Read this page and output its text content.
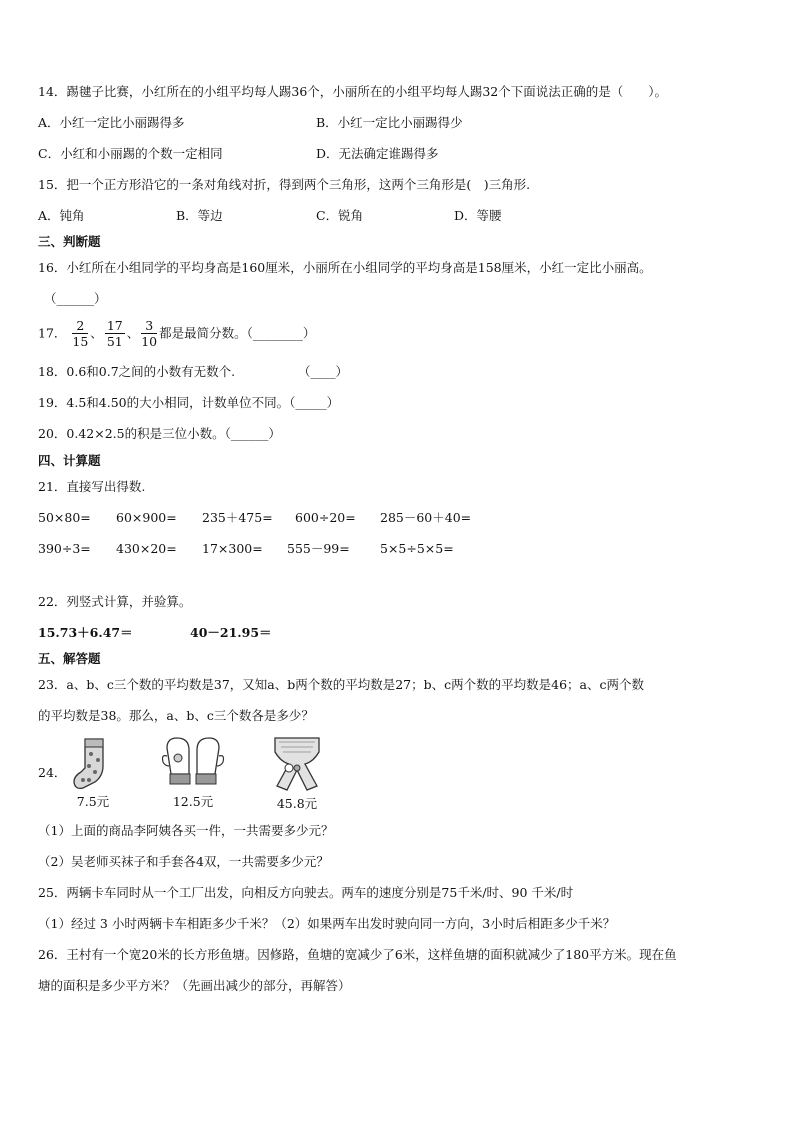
14．踢毽子比赛，小红所在的小组平均每人踢36个，小丽所在的小组平均每人踢32个下面说法正确的是（　　）。
A．小红一定比小丽踢得多	B．小红一定比小丽踢得少
C．小红和小丽踢的个数一定相同	D．无法确定谁踢得多
15．把一个正方形沿它的一条对角线对折，得到两个三角形，这两个三角形是(　)三角形.
A．钝角	B．等边	C．锐角	D．等腰
三、判断题
16．小红所在小组同学的平均身高是160厘米，小丽所在小组同学的平均身高是158厘米，小红一定比小丽高。
（______）
17． $\frac{2}{15}$ 、 $\frac{17}{51}$ 、 $\frac{3}{10}$ 都是最简分数。（________）
18．0.6和0.7之间的小数有无数个.	（____）
19．4.5和4.50的大小相同，计数单位不同。（_____）
20．0.42×2.5的积是三位小数。（______）
四、计算题
21．直接写出得数.
50×80= 60×900= 235＋475= 600÷20= 285－60＋40=
390÷3= 430×20= 17×300= 555－99= 5×5÷5×5=
22．列竖式计算，并验算。
15.73＋6.47＝	40－21.95＝
五、解答题
23．a、b、c三个数的平均数是37，又知a、b两个数的平均数是27；b、c两个数的平均数是46；a、c两个数
的平均数是38。那么，a、b、c三个数各是多少？
24．
7.5元	12.5元	45.8元
（1）上面的商品李阿姨各买一件，一共需要多少元？
（2）吴老师买袜子和手套各4双，一共需要多少元？
25．两辆卡车同时从一个工厂出发，向相反方向驶去。两车的速度分别是75千米/时、90 千米/时
（1）经过 3 小时两辆卡车相距多少千米？（2）如果两车出发时驶向同一方向，3小时后相距多少千米？
26．王村有一个宽20米的长方形鱼塘。因修路，鱼塘的宽减少了6米，这样鱼塘的面积就减少了180平方米。现在鱼
塘的面积是多少平方米？（先画出减少的部分，再解答）
